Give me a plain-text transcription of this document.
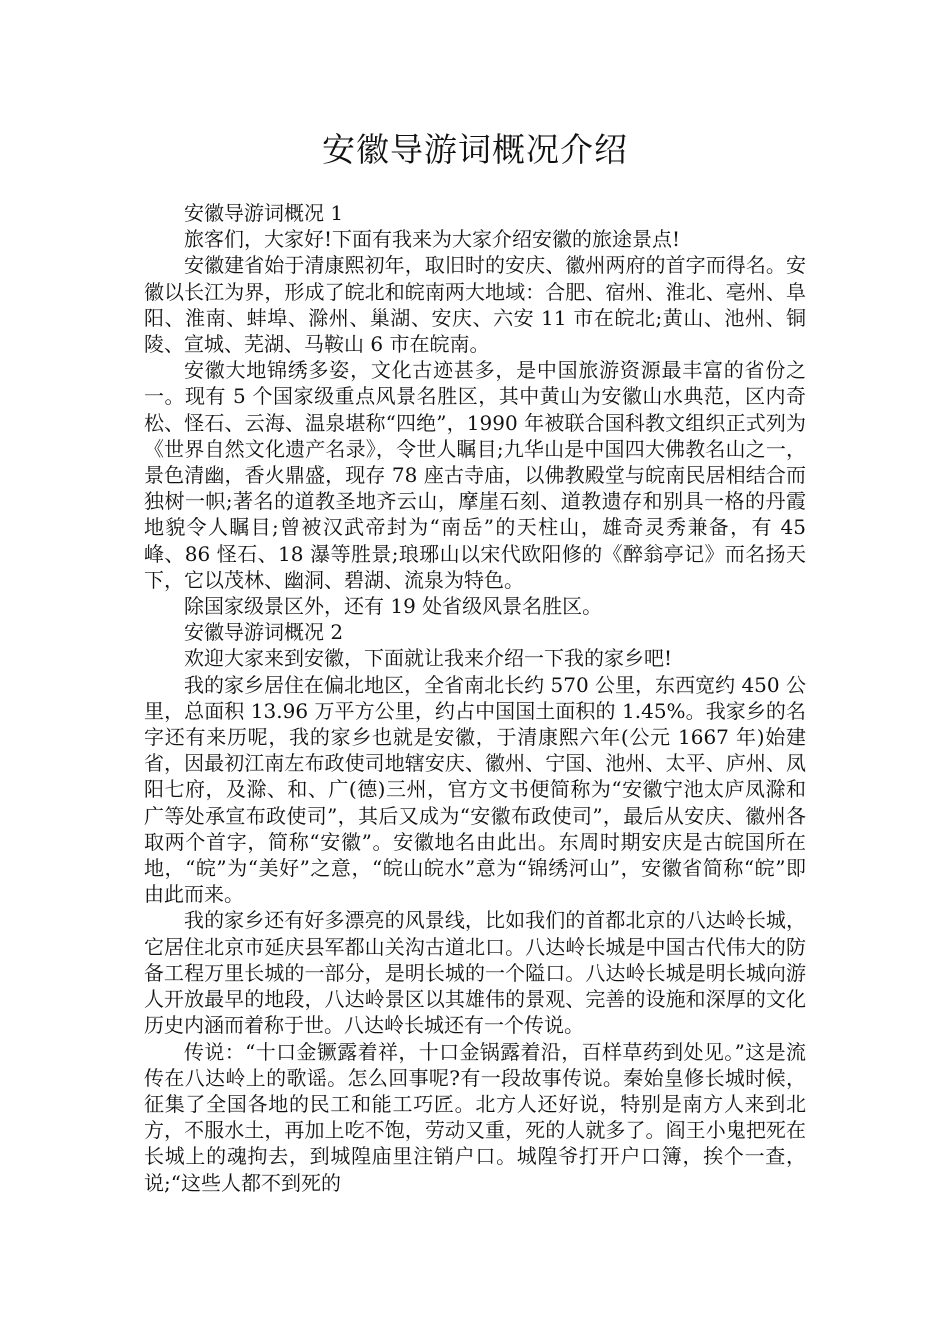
安徽导游词概况介绍

安徽导游词概况 1

旅客们，大家好!下面有我来为大家介绍安徽的旅途景点!

安徽建省始于清康熙初年，取旧时的安庆、徽州两府的首字而得名。安徽以长江为界，形成了皖北和皖南两大地域：合肥、宿州、淮北、亳州、阜阳、淮南、蚌埠、滁州、巢湖、安庆、六安 11 市在皖北;黄山、池州、铜陵、宣城、芜湖、马鞍山 6 市在皖南。

安徽大地锦绣多姿，文化古迹甚多，是中国旅游资源最丰富的省份之一。现有 5 个国家级重点风景名胜区，其中黄山为安徽山水典范，区内奇松、怪石、云海、温泉堪称“四绝”，1990 年被联合国科教文组织正式列为《世界自然文化遗产名录》，令世人瞩目;九华山是中国四大佛教名山之一，景色清幽，香火鼎盛，现存 78 座古寺庙，以佛教殿堂与皖南民居相结合而独树一帜;著名的道教圣地齐云山，摩崖石刻、道教遗存和别具一格的丹霞地貌令人瞩目;曾被汉武帝封为“南岳”的天柱山，雄奇灵秀兼备，有 45 峰、86 怪石、18 瀑等胜景;琅琊山以宋代欧阳修的《醉翁亭记》而名扬天下，它以茂林、幽洞、碧湖、流泉为特色。

除国家级景区外，还有 19 处省级风景名胜区。

安徽导游词概况 2

欢迎大家来到安徽，下面就让我来介绍一下我的家乡吧!

我的家乡居住在偏北地区，全省南北长约 570 公里，东西宽约 450 公里，总面积 13.96 万平方公里，约占中国国土面积的 1.45%。我家乡的名字还有来历呢，我的家乡也就是安徽，于清康熙六年(公元 1667 年)始建省，因最初江南左布政使司地辖安庆、徽州、宁国、池州、太平、庐州、凤阳七府，及滁、和、广(德)三州，官方文书便简称为“安徽宁池太庐凤滁和广等处承宣布政使司”，其后又成为“安徽布政使司”，最后从安庆、徽州各取两个首字，简称“安徽”。安徽地名由此出。东周时期安庆是古皖国所在地，“皖”为“美好”之意，“皖山皖水”意为“锦绣河山”，安徽省简称“皖”即由此而来。

我的家乡还有好多漂亮的风景线，比如我们的首都北京的八达岭长城，它居住北京市延庆县军都山关沟古道北口。八达岭长城是中国古代伟大的防备工程万里长城的一部分，是明长城的一个隘口。八达岭长城是明长城向游人开放最早的地段，八达岭景区以其雄伟的景观、完善的设施和深厚的文化历史内涵而着称于世。八达岭长城还有一个传说。

传说：“十口金镢露着祥，十口金锅露着沿，百样草药到处见。”这是流传在八达岭上的歌谣。怎么回事呢?有一段故事传说。秦始皇修长城时候，征集了全国各地的民工和能工巧匠。北方人还好说，特别是南方人来到北方，不服水土，再加上吃不饱，劳动又重，死的人就多了。阎王小鬼把死在长城上的魂拘去，到城隍庙里注销户口。城隍爷打开户口簿，挨个一查，说;“这些人都不到死的
